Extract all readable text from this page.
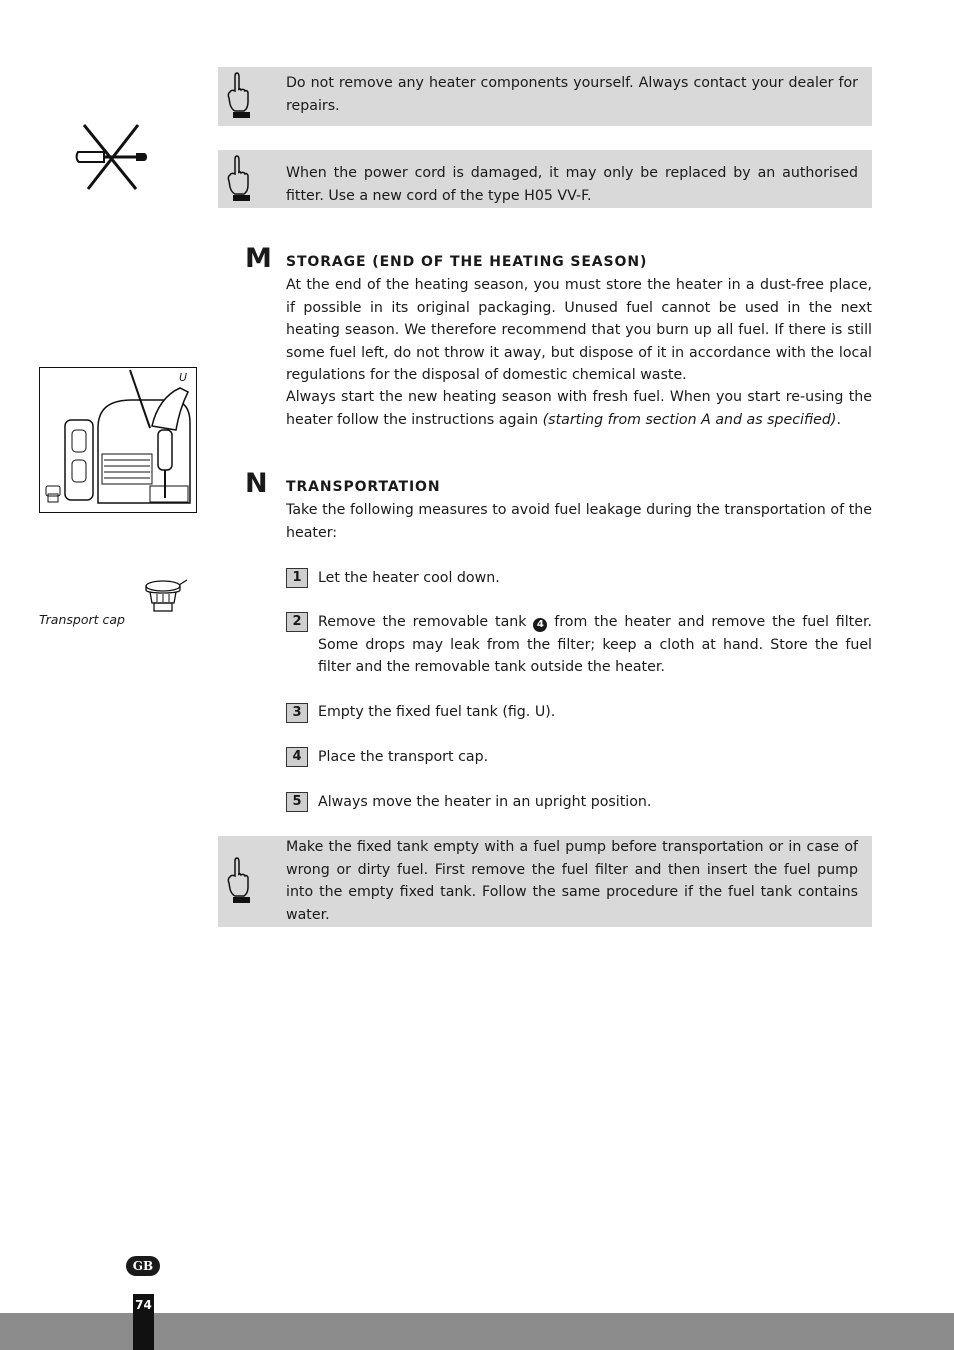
Do not remove any heater components yourself. Always contact your dealer for repairs.
When the power cord is damaged, it may only be replaced by an authorised fitter. Use a new cord of the type H05 VV-F.
M STORAGE (END OF THE HEATING SEASON)

At the end of the heating season, you must store the heater in a dust-free place, if possible in its original packaging. Unused fuel cannot be used in the next heating season. We therefore recommend that you burn up all fuel. If there is still some fuel left, do not throw it away, but dispose of it in accordance with the local regulations for the disposal of domestic chemical waste.

Always start the new heating season with fresh fuel. When you start re-using the heater follow the instructions again (starting from section A and as specified).

U
N TRANSPORTATION

Take the following measures to avoid fuel leakage during the transportation of the heater:

1	Let the heater cool down.

2	Remove the removable tank 4 from the heater and remove the fuel filter. Some drops may leak from the filter; keep a cloth at hand. Store the fuel filter and the removable tank outside the heater.

3	Empty the fixed fuel tank (fig. U).

4	Place the transport cap.

5	Always move the heater in an upright position.

Transport cap
Make the fixed tank empty with a fuel pump before transportation or in case of wrong or dirty fuel. First remove the fuel filter and then insert the fuel pump into the empty fixed tank. Follow the same procedure if the fuel tank contains water.
GB
74
